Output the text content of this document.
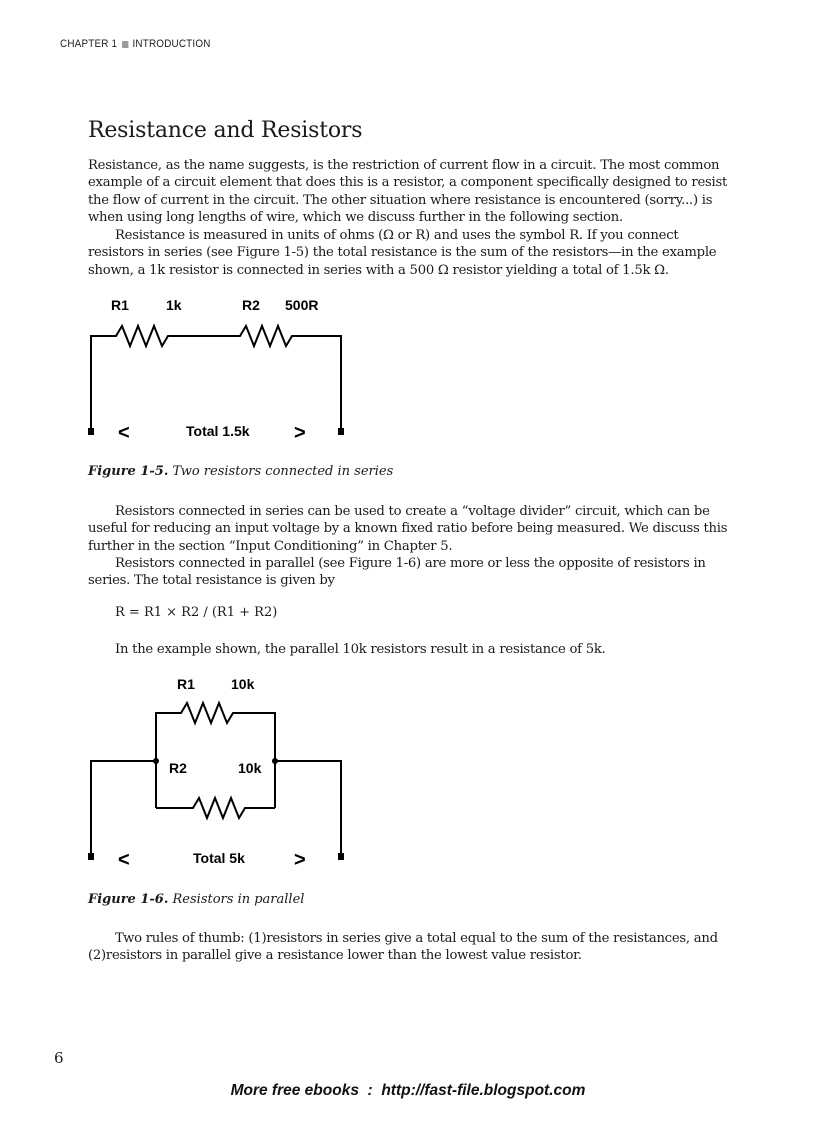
CHAPTER 1 INTRODUCTION
Resistance and Resistors

Resistance, as the name suggests, is the restriction of current flow in a circuit. The most common example of a circuit element that does this is a resistor, a component specifically designed to resist the flow of current in the circuit. The other situation where resistance is encountered (sorry...) is when using long lengths of wire, which we discuss further in the following section.

Resistance is measured in units of ohms (Ω or R) and uses the symbol R. If you connect resistors in series (see Figure 1-5) the total resistance is the sum of the resistors—in the example shown, a 1k resistor is connected in series with a 500 Ω resistor yielding a total of 1.5k Ω.

R1	1k	R2 500R
<	Total 1.5k >

Figure 1-5. Two resistors connected in series

Resistors connected in series can be used to create a “voltage divider” circuit, which can be useful for reducing an input voltage by a known fixed ratio before being measured. We discuss this further in the section “Input Conditioning” in Chapter 5.

Resistors connected in parallel (see Figure 1-6) are more or less the opposite of resistors in series. The total resistance is given by

R = R1 × R2 / (R1 + R2)

In the example shown, the parallel 10k resistors result in a resistance of 5k.

R1	10k
R2	10k
<	Total 5k >

Figure 1-6. Resistors in parallel

Two rules of thumb: (1)resistors in series give a total equal to the sum of the resistances, and (2)resistors in parallel give a resistance lower than the lowest value resistor.

6
More free ebooks  :  http://fast-file.blogspot.com
